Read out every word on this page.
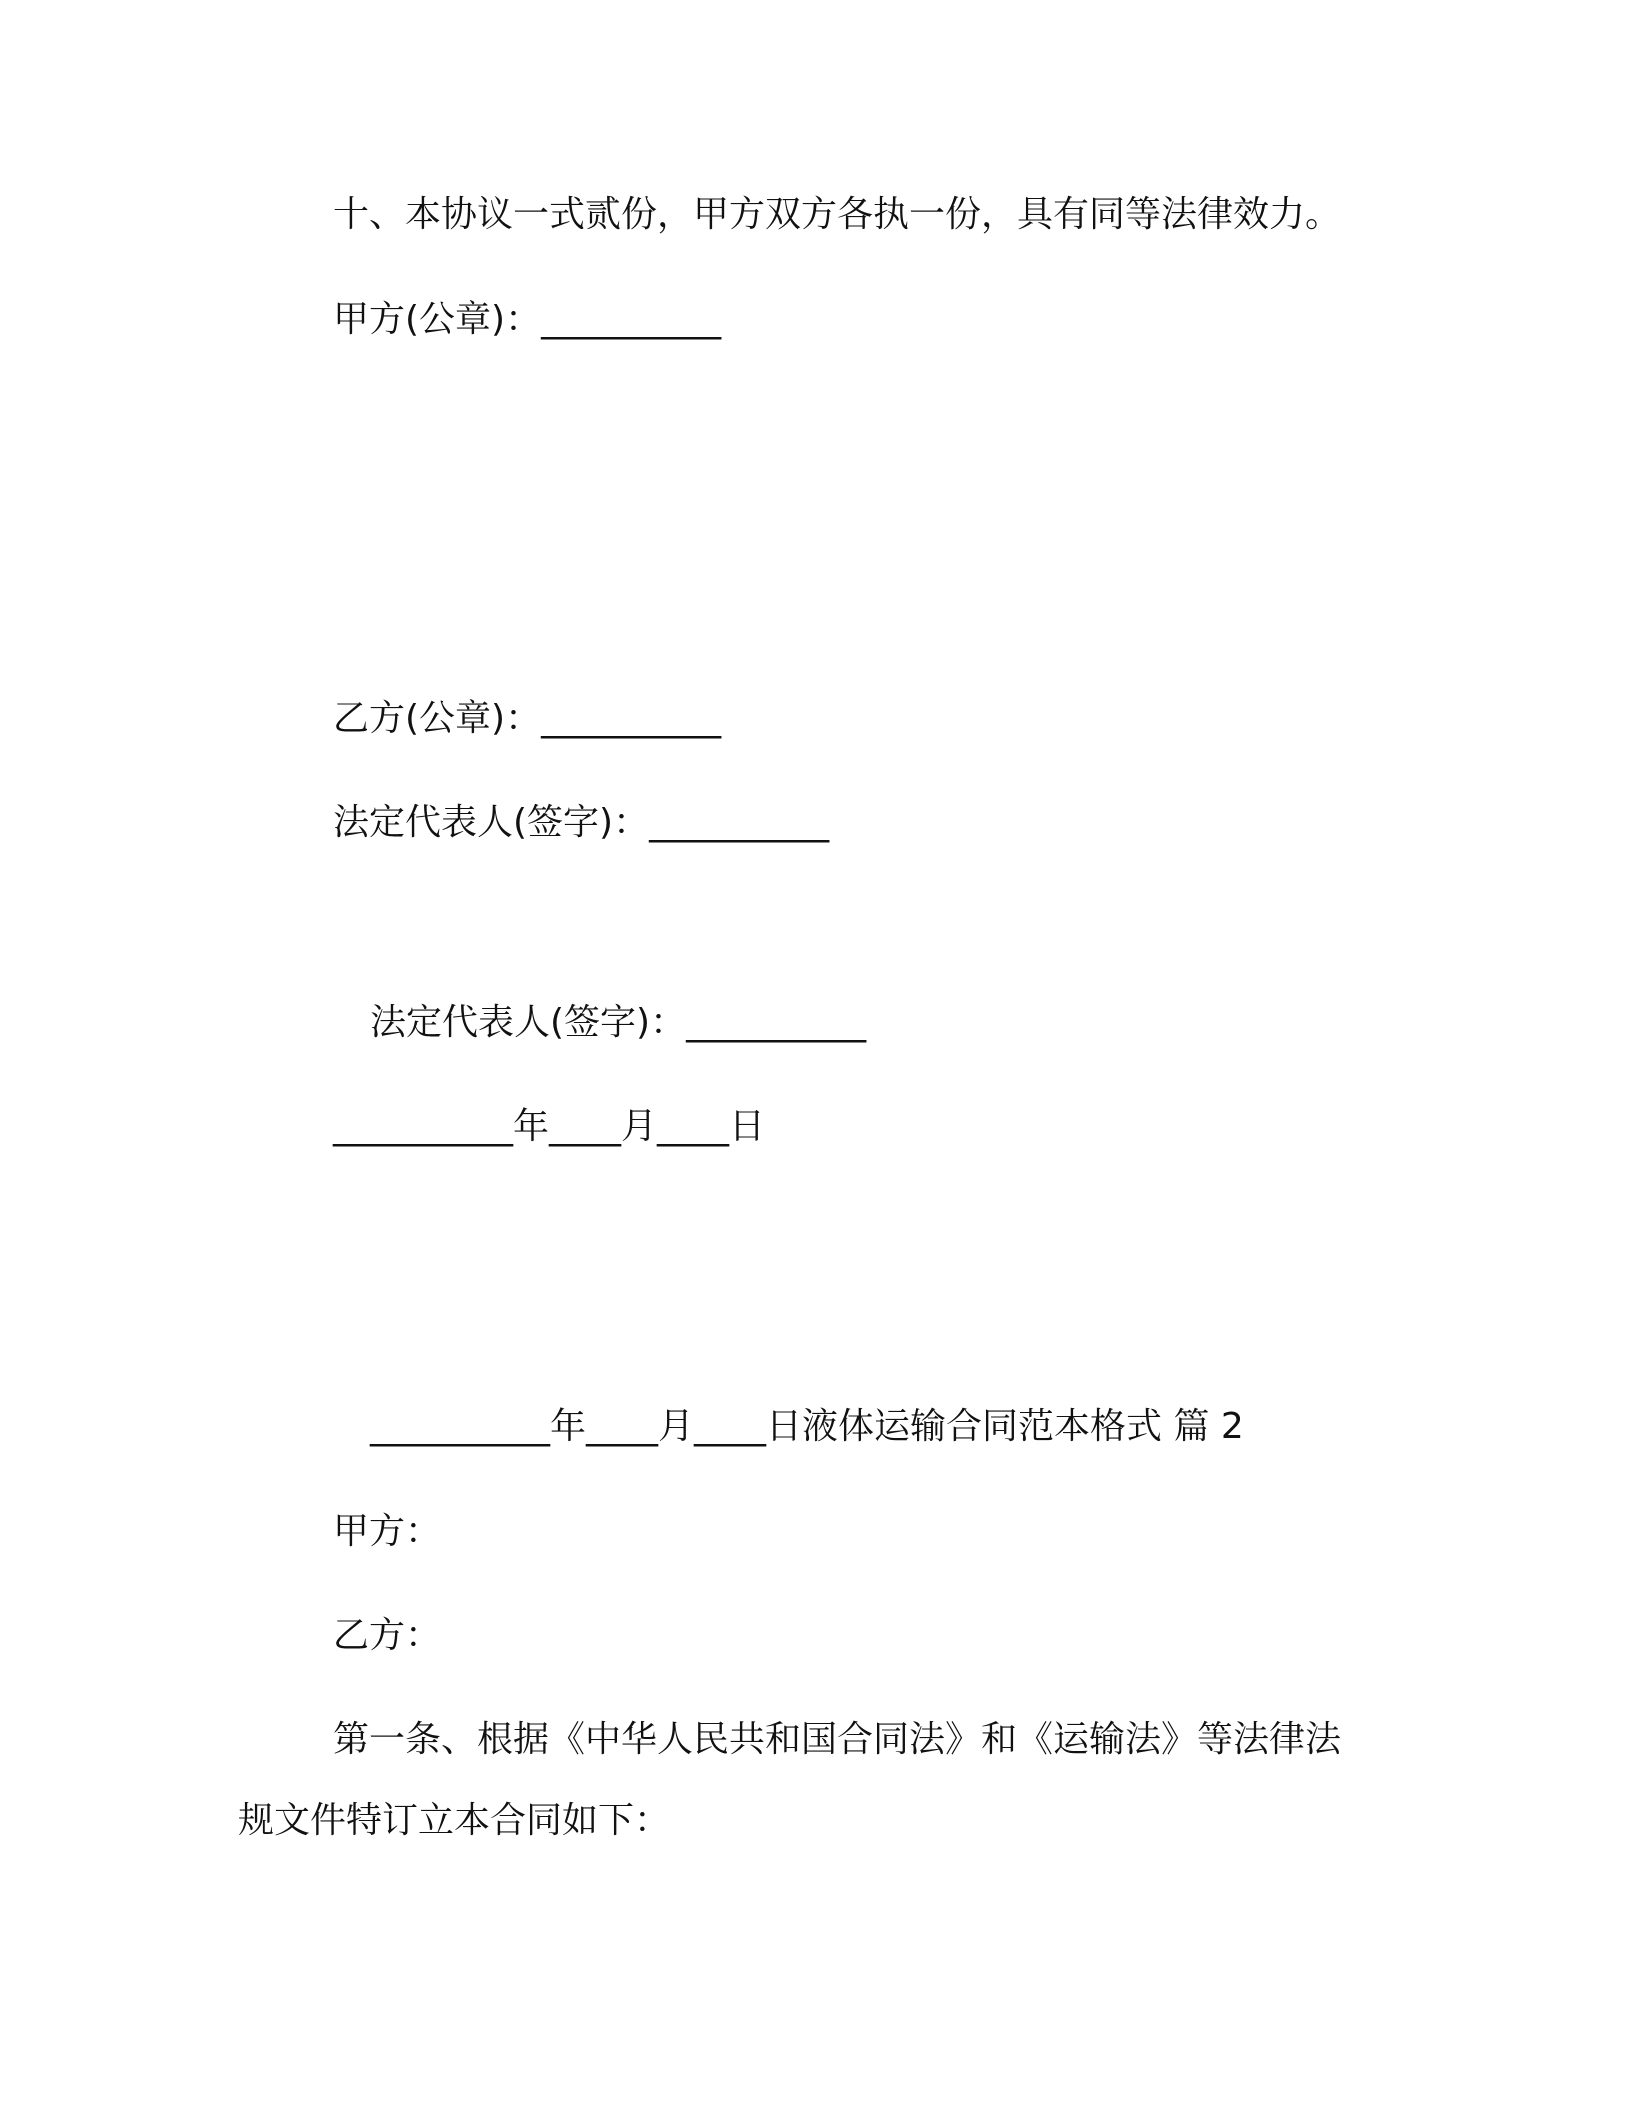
十、本协议一式贰份，甲方双方各执一份，具有同等法律效力。
甲方(公章)：__________
乙方(公章)：__________
法定代表人(签字)：__________
法定代表人(签字)：__________
__________年____月____日
__________年____月____日液体运输合同范本格式 篇 2
甲方：
乙方：
第一条、根据《中华人民共和国合同法》和《运输法》等法律法
规文件特订立本合同如下：
